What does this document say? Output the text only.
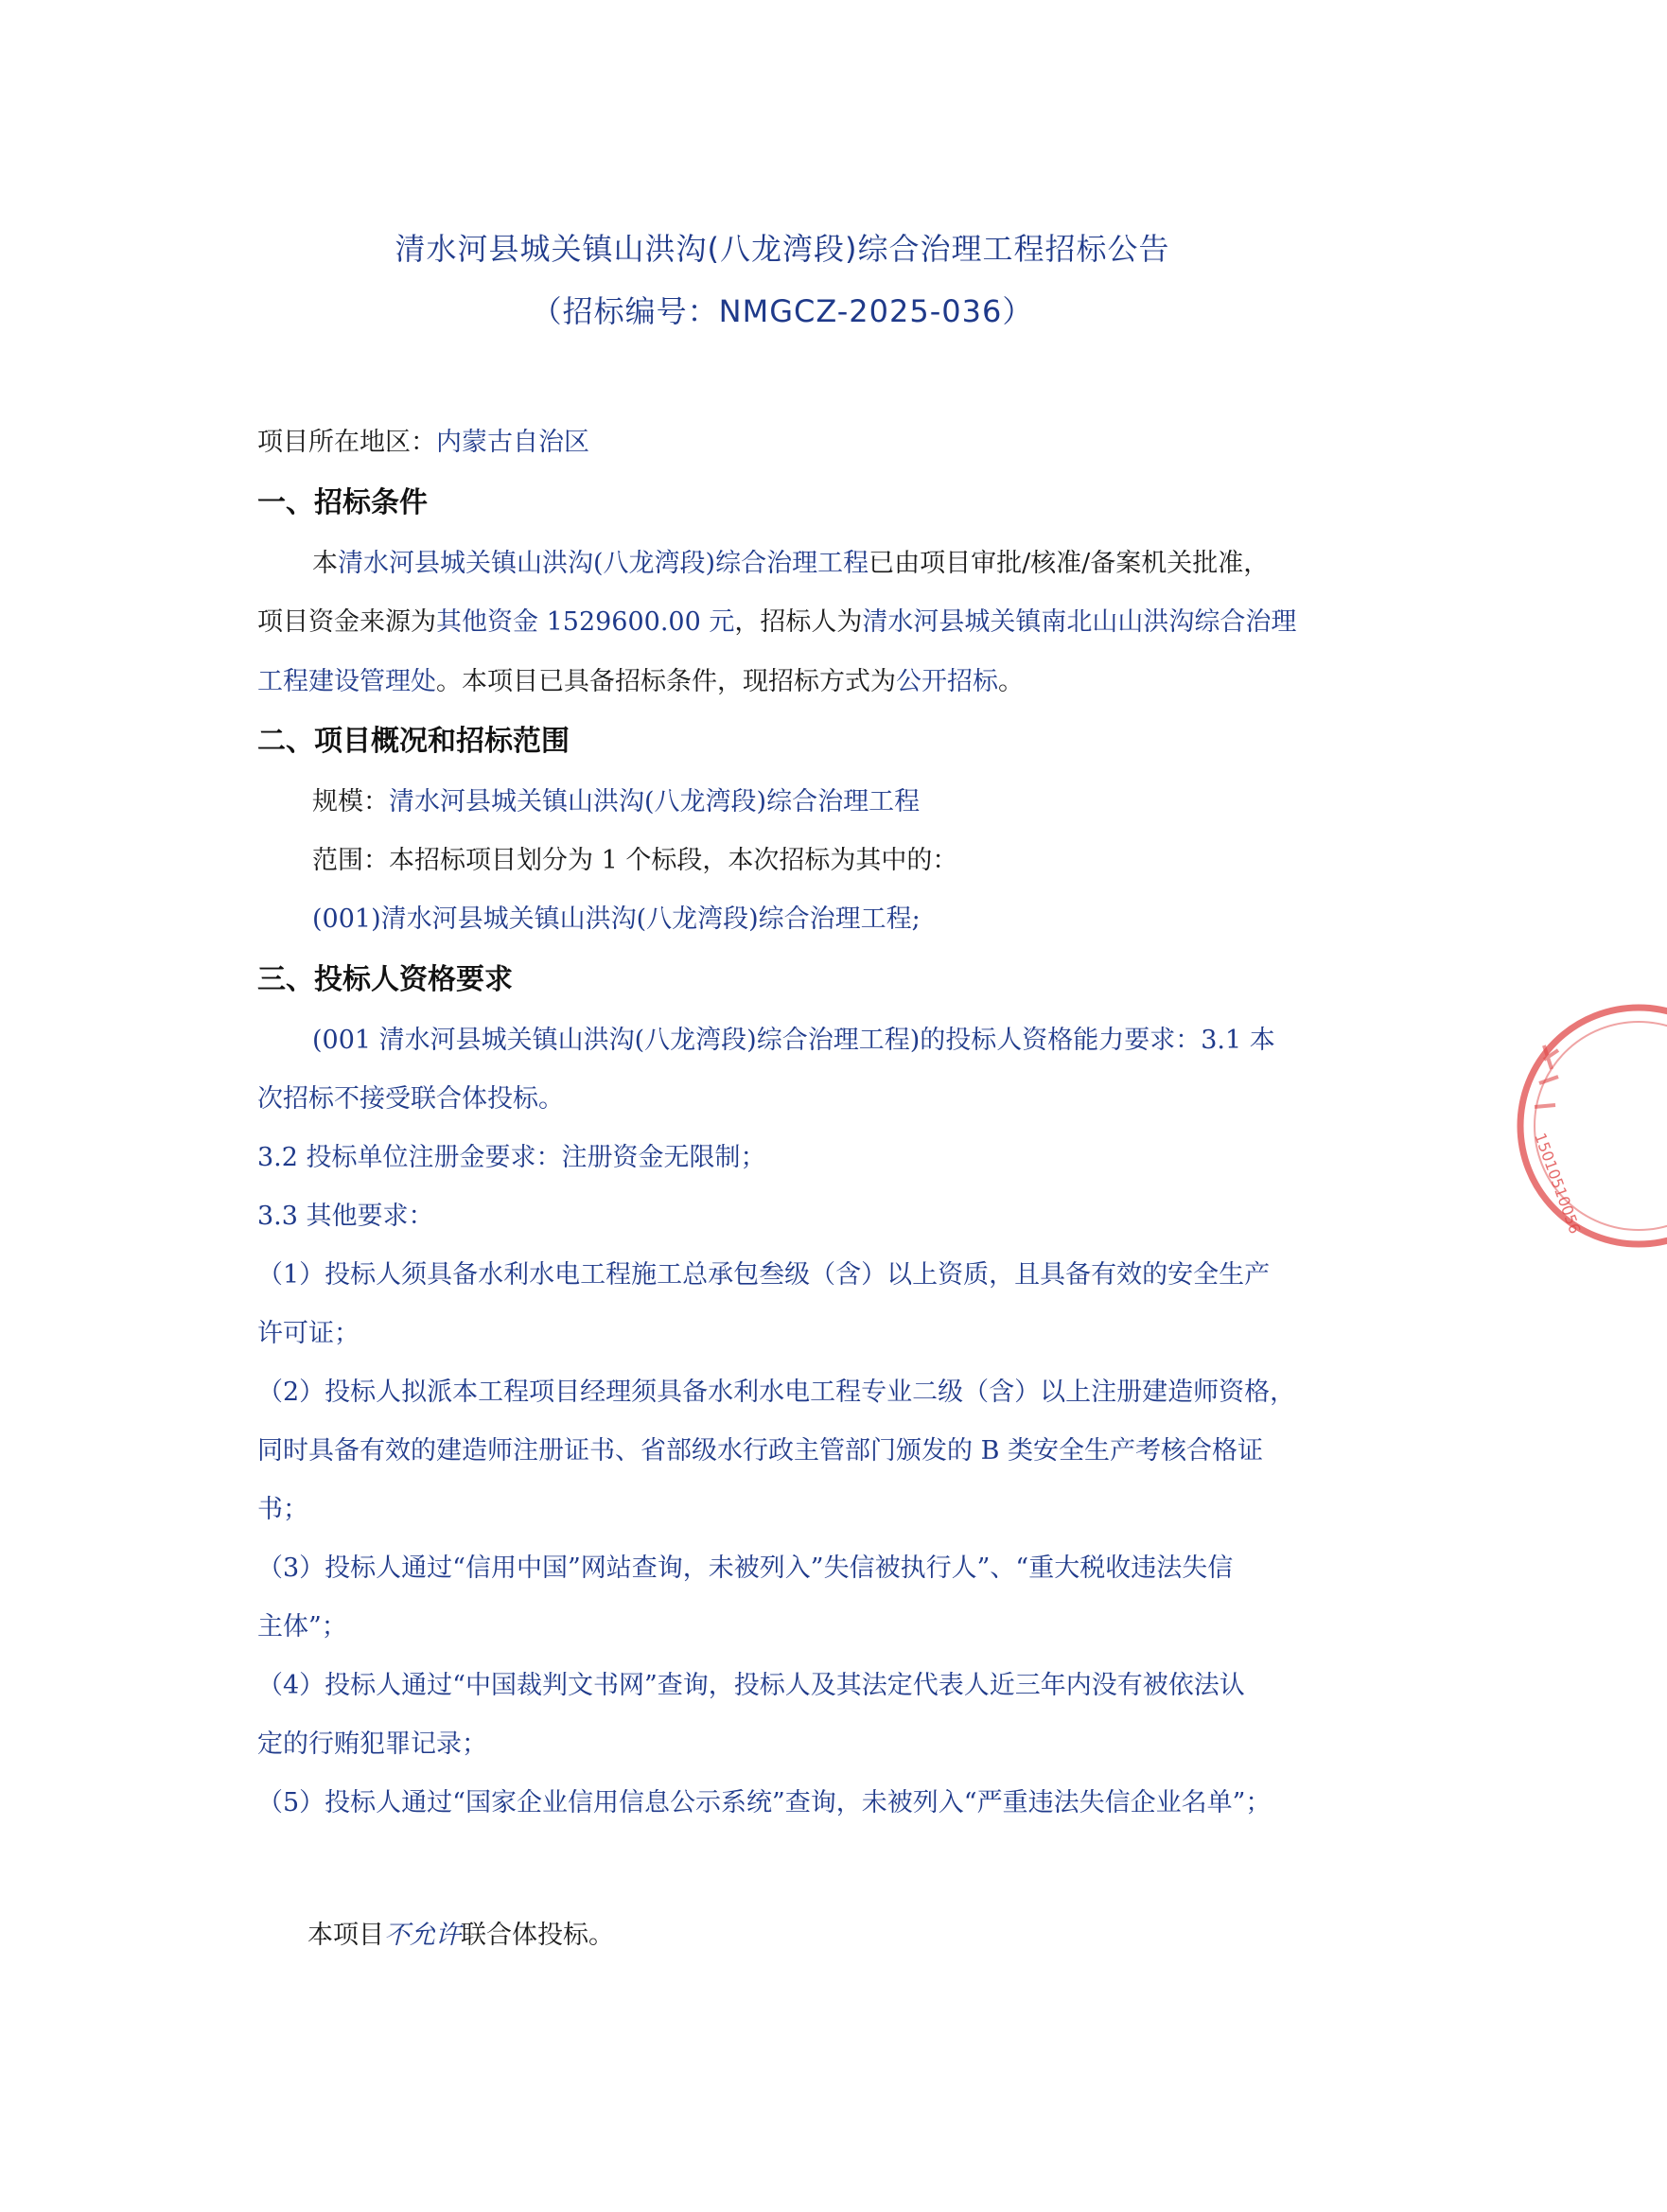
清水河县城关镇山洪沟(八龙湾段)综合治理工程招标公告
（招标编号：NMGCZ-2025-036）
项目所在地区：内蒙古自治区
一、招标条件
本清水河县城关镇山洪沟(八龙湾段)综合治理工程已由项目审批/核准/备案机关批准，
项目资金来源为其他资金 1529600.00 元，招标人为清水河县城关镇南北山山洪沟综合治理
工程建设管理处。本项目已具备招标条件，现招标方式为公开招标。
二、项目概况和招标范围
规模：清水河县城关镇山洪沟(八龙湾段)综合治理工程
范围：本招标项目划分为 1 个标段，本次招标为其中的：
(001)清水河县城关镇山洪沟(八龙湾段)综合治理工程;
三、投标人资格要求
(001 清水河县城关镇山洪沟(八龙湾段)综合治理工程)的投标人资格能力要求：3.1 本
次招标不接受联合体投标。
3.2 投标单位注册金要求：注册资金无限制；
3.3 其他要求：
（1）投标人须具备水利水电工程施工总承包叁级（含）以上资质，且具备有效的安全生产
许可证；
（2）投标人拟派本工程项目经理须具备水利水电工程专业二级（含）以上注册建造师资格，
同时具备有效的建造师注册证书、省部级水行政主管部门颁发的 B 类安全生产考核合格证
书；
（3）投标人通过“信用中国”网站查询，未被列入”失信被执行人”、“重大税收违法失信
主体”；
（4）投标人通过“中国裁判文书网”查询，投标人及其法定代表人近三年内没有被依法认
定的行贿犯罪记录；
（5）投标人通过“国家企业信用信息公示系统”查询，未被列入“严重违法失信企业名单”；
本项目不允许联合体投标。
15010510056
